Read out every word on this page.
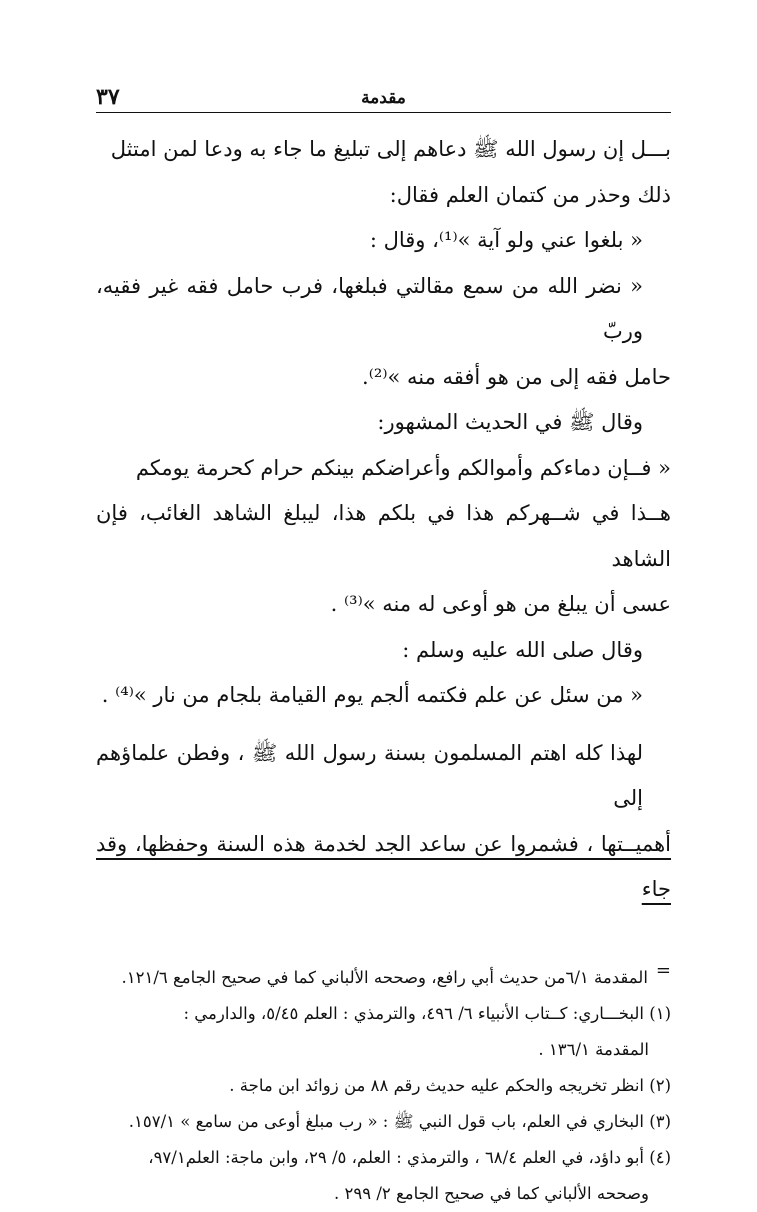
مقدمة
٣٧

بـــل إن رسول الله ﷺ دعاهم إلى تبليغ ما جاء به ودعا لمن امتثل

ذلك وحذر من كتمان العلم فقال:

« بلغوا عني ولو آية »⁽¹⁾، وقال :

« نضر الله من سمع مقالتي فبلغها، فرب حامل فقه غير فقيه، وربّ

حامل فقه إلى من هو أفقه منه »⁽²⁾.

وقال ﷺ في الحديث المشهور:

« فــإن دماءكم وأموالكم وأعراضكم بينكم حرام كحرمة يومكم

هــذا في شــهركم هذا في بلكم هذا، ليبلغ الشاهد الغائب، فإن الشاهد

عسى أن يبلغ من هو أوعى له منه »⁽³⁾ .

وقال صلى الله عليه وسلم :

« من سئل عن علم فكتمه ألجم يوم القيامة بلجام من نار »⁽⁴⁾ .

لهذا كله اهتم المسلمون بسنة رسول الله ﷺ ، وفطن علماؤهم إلى

أهميــتها ، فشمروا عن ساعد الجد لخدمة هذه السنة وحفظها، وقد جاء

=المقدمة ٦/١من حديث أبي رافع، وصححه الألباني كما في صحيح الجامع ١٢١/٦.

(١) البخـــاري: كــتاب الأنبياء ٦/ ٤٩٦، والترمذي : العلم ٥/٤٥، والدارمي :

المقدمة ١٣٦/١ .

(٢) انظر تخريجه والحكم عليه حديث رقم ٨٨ من زوائد ابن ماجة .

(٣) البخاري في العلم، باب قول النبي ﷺ : « رب مبلغ أوعى من سامع » ١٥٧/١.

(٤) أبو داؤد، في العلم ٦٨/٤ ، والترمذي : العلم، ٥/ ٢٩، وابن ماجة: العلم٩٧/١،

وصححه الألباني كما في صحيح الجامع ٢/ ٢٩٩ .
